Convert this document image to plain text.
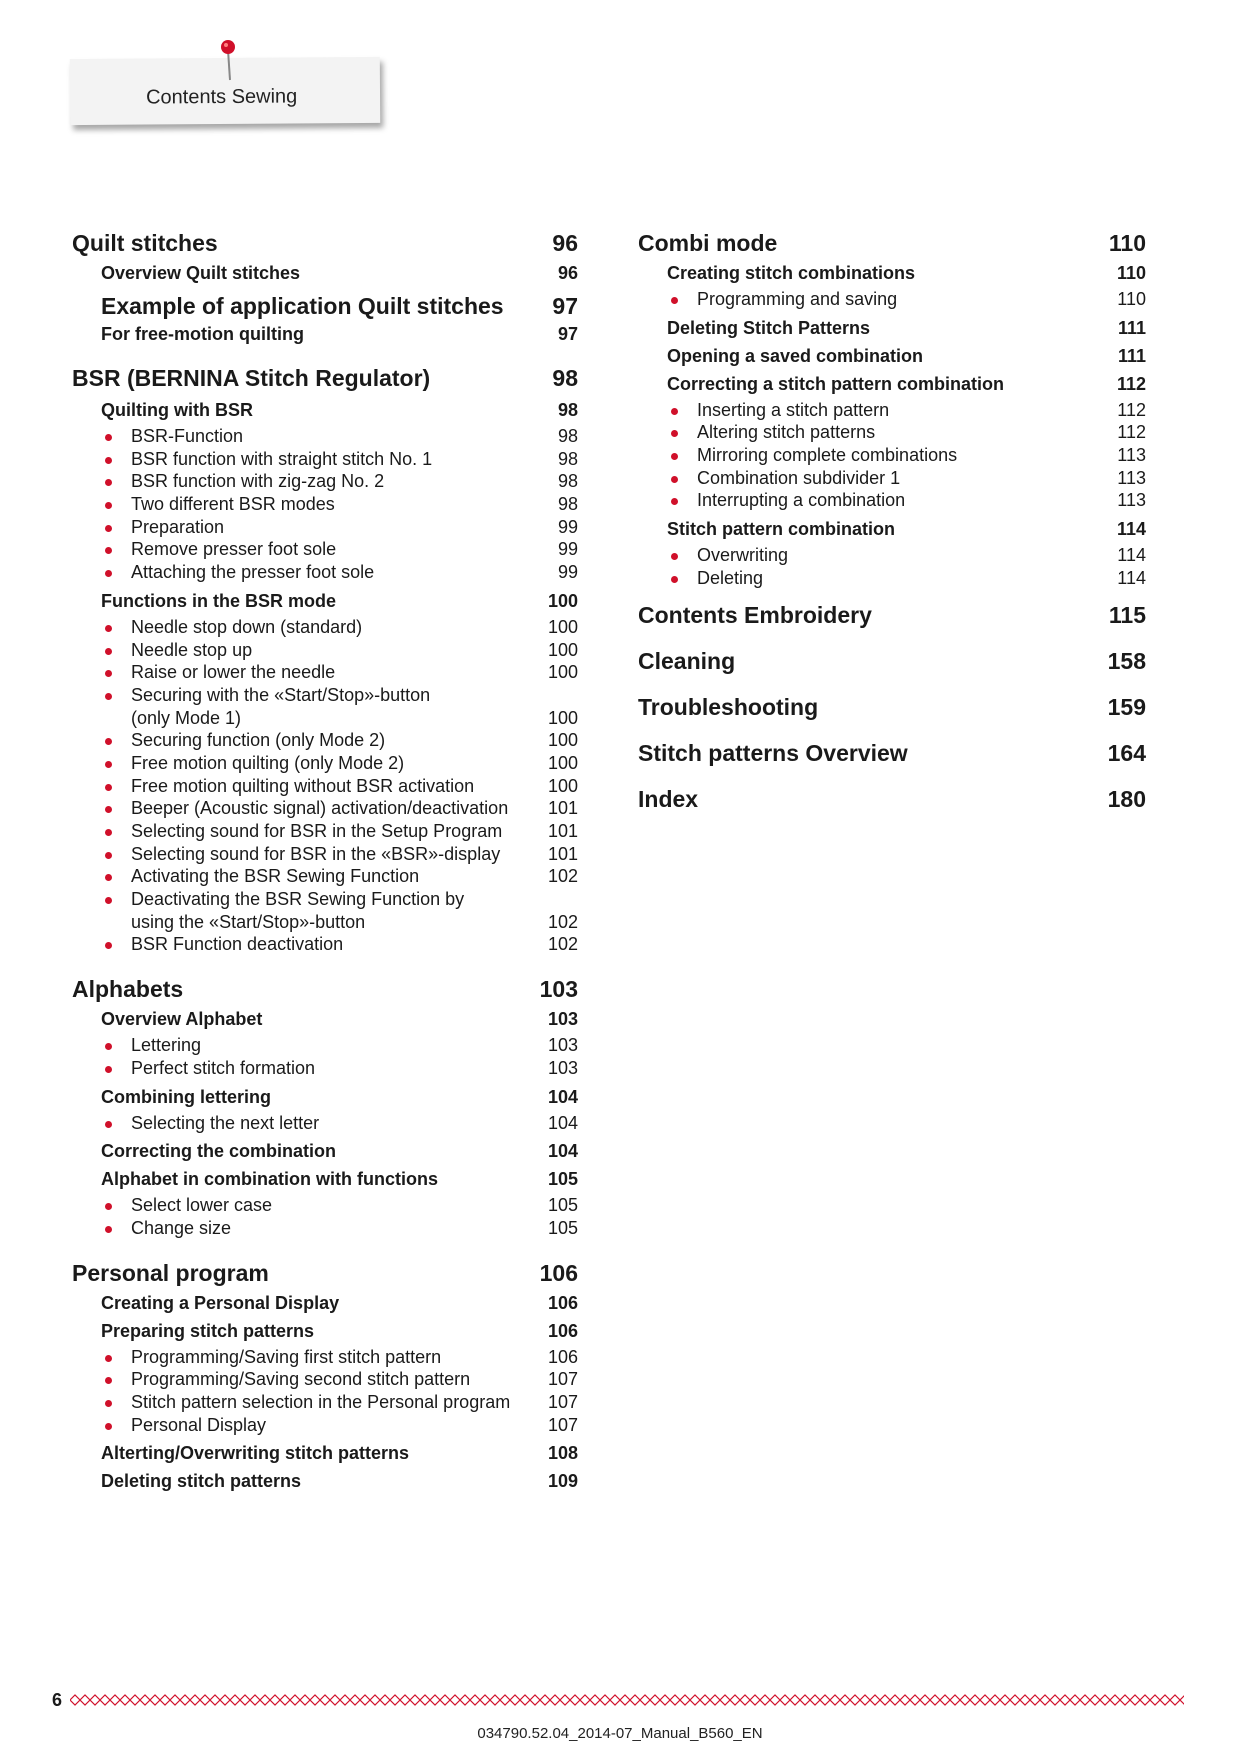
Contents Sewing
Quilt stitches	96
Overview Quilt stitches	96
Example of application Quilt stitches 97
For free-motion quilting	97
BSR (BERNINA Stitch Regulator)	98
Quilting with BSR	98
BSR-Function	98
BSR function with straight stitch No. 1	98
BSR function with zig-zag No. 2	98
Two different BSR modes	98
Preparation	99
Remove presser foot sole	99
Attaching the presser foot sole	99
Functions in the BSR mode	100
Needle stop down (standard)	100
Needle stop up	100
Raise or lower the needle	100
Securing with the «Start/Stop»-button
(only Mode 1)	100
Securing function (only Mode 2)	100
Free motion quilting (only Mode 2)	100
Free motion quilting without BSR activation	100
Beeper (Acoustic signal) activation/deactivation 101
Selecting sound for BSR in the Setup Program	101
Selecting sound for BSR in the «BSR»-display	101
Activating the BSR Sewing Function	102
Deactivating the BSR Sewing Function by
using the «Start/Stop»-button	102
BSR Function deactivation	102
Alphabets	103
Overview Alphabet	103
Lettering	103
Perfect stitch formation	103
Combining lettering	104
Selecting the next letter	104
Correcting the combination	104
Alphabet in combination with functions	105
Select lower case	105
Change size	105
Personal program	106
Creating a Personal Display	106
Preparing stitch patterns	106
Programming/Saving first stitch pattern	106
Programming/Saving second stitch pattern	107
Stitch pattern selection in the Personal program 107
Personal Display	107
Alterting/Overwriting stitch patterns	108
Deleting stitch patterns	109
Combi mode	110
Creating stitch combinations	110
Programming and saving	110
Deleting Stitch Patterns	111
Opening a saved combination	111
Correcting a stitch pattern combination	112
Inserting a stitch pattern	112
Altering stitch patterns	112
Mirroring complete combinations	113
Combination subdivider 1	113
Interrupting a combination	113
Stitch pattern combination	114
Overwriting	114
Deleting	114
Contents Embroidery	115
Cleaning	158
Troubleshooting	159
Stitch patterns Overview	164
Index	180
6
034790.52.04_2014-07_Manual_B560_EN
